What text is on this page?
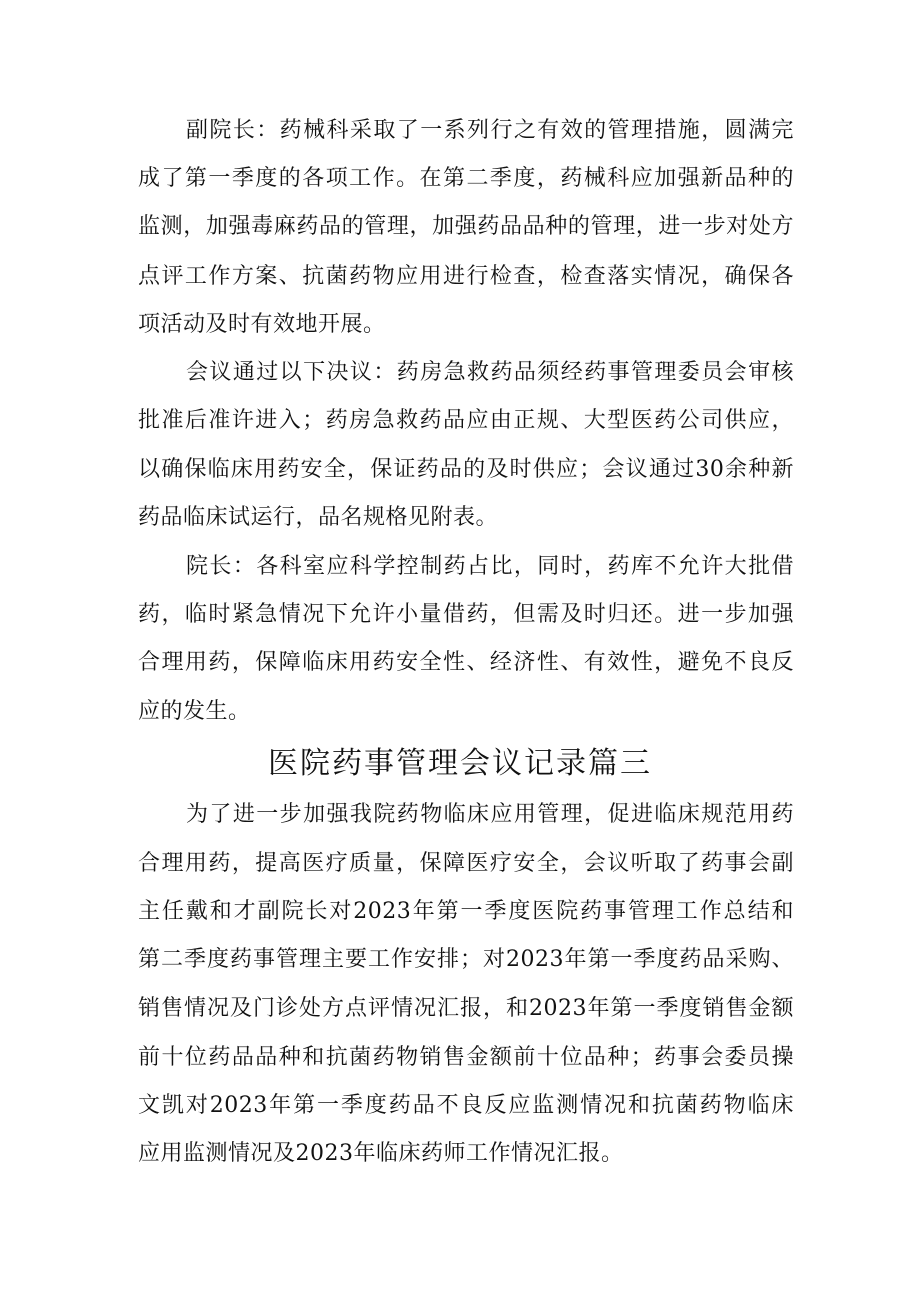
副院长：药械科采取了一系列行之有效的管理措施，圆满完
成了第一季度的各项工作。在第二季度，药械科应加强新品种的
监测，加强毒麻药品的管理，加强药品品种的管理，进一步对处方
点评工作方案、抗菌药物应用进行检查，检查落实情况，确保各
项活动及时有效地开展。
会议通过以下决议：药房急救药品须经药事管理委员会审核
批准后准许进入；药房急救药品应由正规、大型医药公司供应，
以确保临床用药安全，保证药品的及时供应；会议通过30余种新
药品临床试运行，品名规格见附表。
院长：各科室应科学控制药占比，同时，药库不允许大批借
药，临时紧急情况下允许小量借药，但需及时归还。进一步加强
合理用药，保障临床用药安全性、经济性、有效性，避免不良反
应的发生。
医院药事管理会议记录篇三
为了进一步加强我院药物临床应用管理，促进临床规范用药
合理用药，提高医疗质量，保障医疗安全，会议听取了药事会副
主任戴和才副院长对2023年第一季度医院药事管理工作总结和
第二季度药事管理主要工作安排；对2023年第一季度药品采购、
销售情况及门诊处方点评情况汇报，和2023年第一季度销售金额
前十位药品品种和抗菌药物销售金额前十位品种；药事会委员操
文凯对2023年第一季度药品不良反应监测情况和抗菌药物临床
应用监测情况及2023年临床药师工作情况汇报。
